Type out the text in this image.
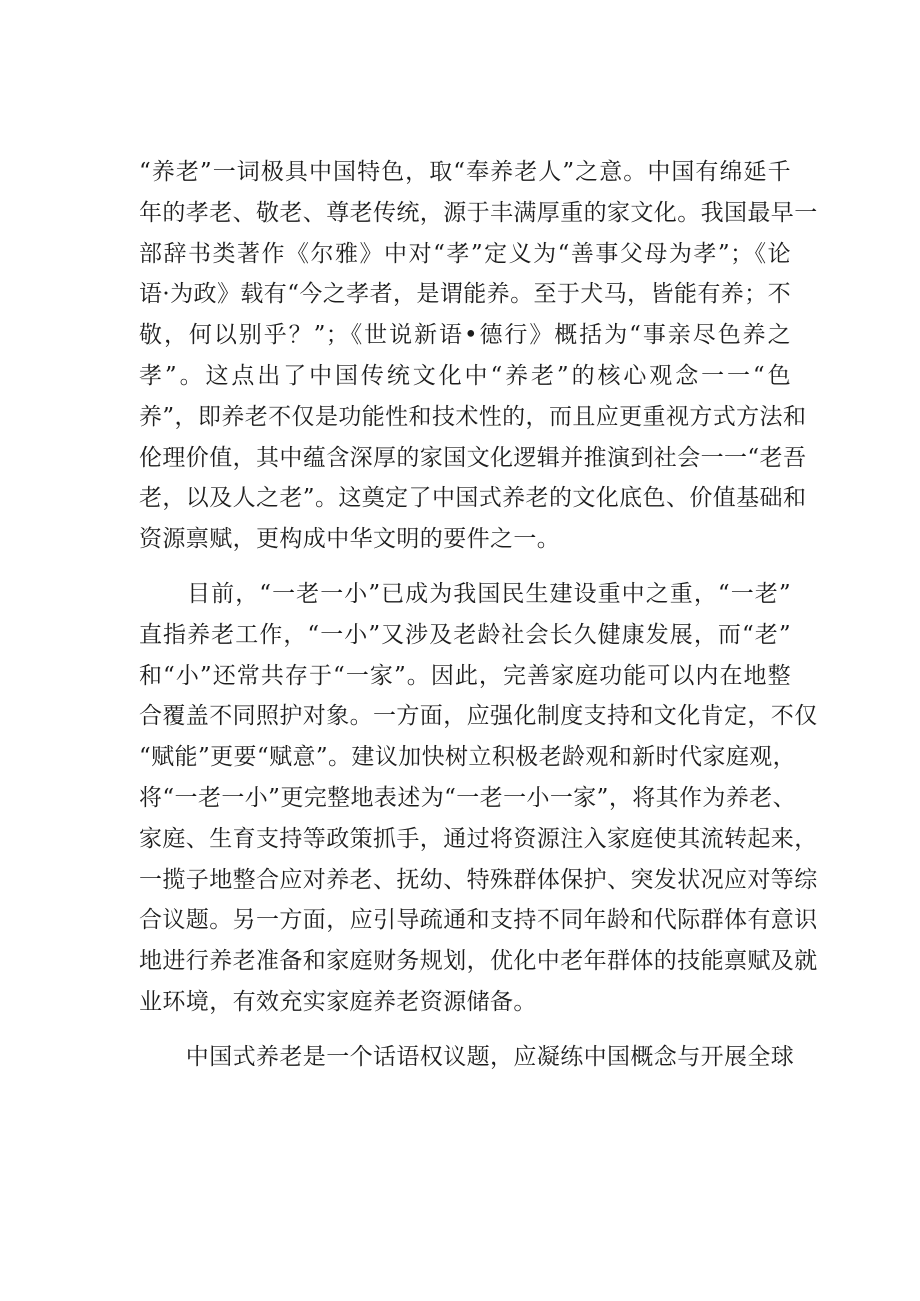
“养老”一词极具中国特色，取“奉养老人”之意。中国有绵延千
年的孝老、敬老、尊老传统，源于丰满厚重的家文化。我国最早一
部辞书类著作《尔雅》中对“孝”定义为“善事父母为孝”；《论
语·为政》载有“今之孝者，是谓能养。至于犬马，皆能有养；不
敬，何以别乎？”；《世说新语•德行》概括为“事亲尽色养之
孝”。这点出了中国传统文化中“养老”的核心观念一一“色
养”，即养老不仅是功能性和技术性的，而且应更重视方式方法和
伦理价值，其中蕴含深厚的家国文化逻辑并推演到社会一一“老吾
老，以及人之老”。这奠定了中国式养老的文化底色、价值基础和
资源禀赋，更构成中华文明的要件之一。
　　目前，“一老一小”已成为我国民生建设重中之重，“一老”
直指养老工作，“一小”又涉及老龄社会长久健康发展，而“老”
和“小”还常共存于“一家”。因此，完善家庭功能可以内在地整
合覆盖不同照护对象。一方面，应强化制度支持和文化肯定，不仅
“赋能”更要“赋意”。建议加快树立积极老龄观和新时代家庭观，
将“一老一小”更完整地表述为“一老一小一家”，将其作为养老、
家庭、生育支持等政策抓手，通过将资源注入家庭使其流转起来，
一揽子地整合应对养老、抚幼、特殊群体保护、突发状况应对等综
合议题。另一方面，应引导疏通和支持不同年龄和代际群体有意识
地进行养老准备和家庭财务规划，优化中老年群体的技能禀赋及就
业环境，有效充实家庭养老资源储备。
　　中国式养老是一个话语权议题，应凝练中国概念与开展全球
